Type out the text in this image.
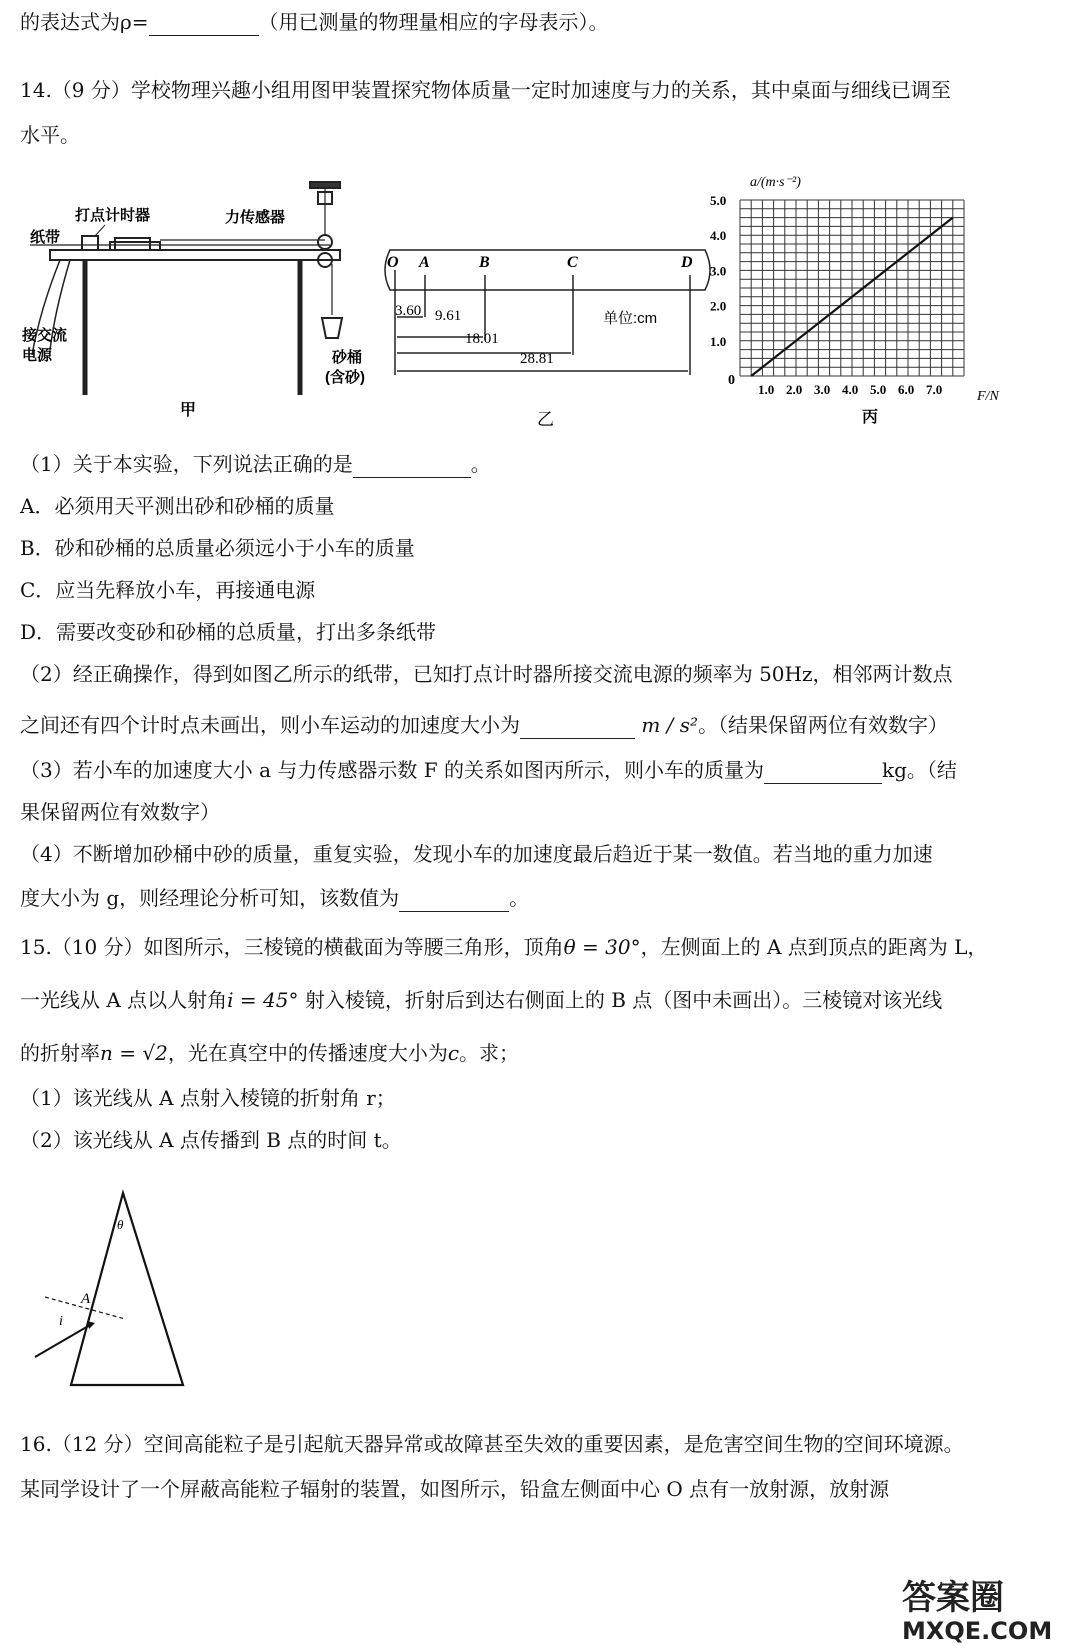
的表达式为ρ=	（用已测量的物理量相应的字母表示）。
14.（9 分）学校物理兴趣小组用图甲装置探究物体质量一定时加速度与力的关系，其中桌面与细线已调至
水平。
打点计时器	力传感器
纸带
接交流
电源	砂桶
(含砂)
甲
O A	B	C	D
3.60 9.61
18.01
28.81
单位:cm
乙
1.0 2.0 3.0 4.0 5.0 6.0 7.0
1.0
2.0
3.0
4.0
5.0
a/(m·s⁻²)
F/N
0
丙
（1）关于本实验，下列说法正确的是	。
A．必须用天平测出砂和砂桶的质量
B．砂和砂桶的总质量必须远小于小车的质量
C．应当先释放小车，再接通电源
D．需要改变砂和砂桶的总质量，打出多条纸带
（2）经正确操作，得到如图乙所示的纸带，已知打点计时器所接交流电源的频率为 50Hz，相邻两计数点
之间还有四个计时点未画出，则小车运动的加速度大小为	m / s²。（结果保留两位有效数字）
（3）若小车的加速度大小 a 与力传感器示数 F 的关系如图丙所示，则小车的质量为	kg。（结
果保留两位有效数字）
（4）不断增加砂桶中砂的质量，重复实验，发现小车的加速度最后趋近于某一数值。若当地的重力加速
度大小为 g，则经理论分析可知，该数值为	。
15.（10 分）如图所示，三棱镜的横截面为等腰三角形，顶角θ = 30°，左侧面上的 A 点到顶点的距离为 L，
一光线从 A 点以人射角i = 45° 射入棱镜，折射后到达右侧面上的 B 点（图中未画出）。三棱镜对该光线
的折射率n = √2，光在真空中的传播速度大小为c。求；
（1）该光线从 A 点射入棱镜的折射角 r；
（2）该光线从 A 点传播到 B 点的时间 t。
θ
A
i
16.（12 分）空间高能粒子是引起航天器异常或故障甚至失效的重要因素，是危害空间生物的空间环境源。
某同学设计了一个屏蔽高能粒子辐射的装置，如图所示，铅盒左侧面中心 O 点有一放射源，放射源
答案圈
MXQE.COM
